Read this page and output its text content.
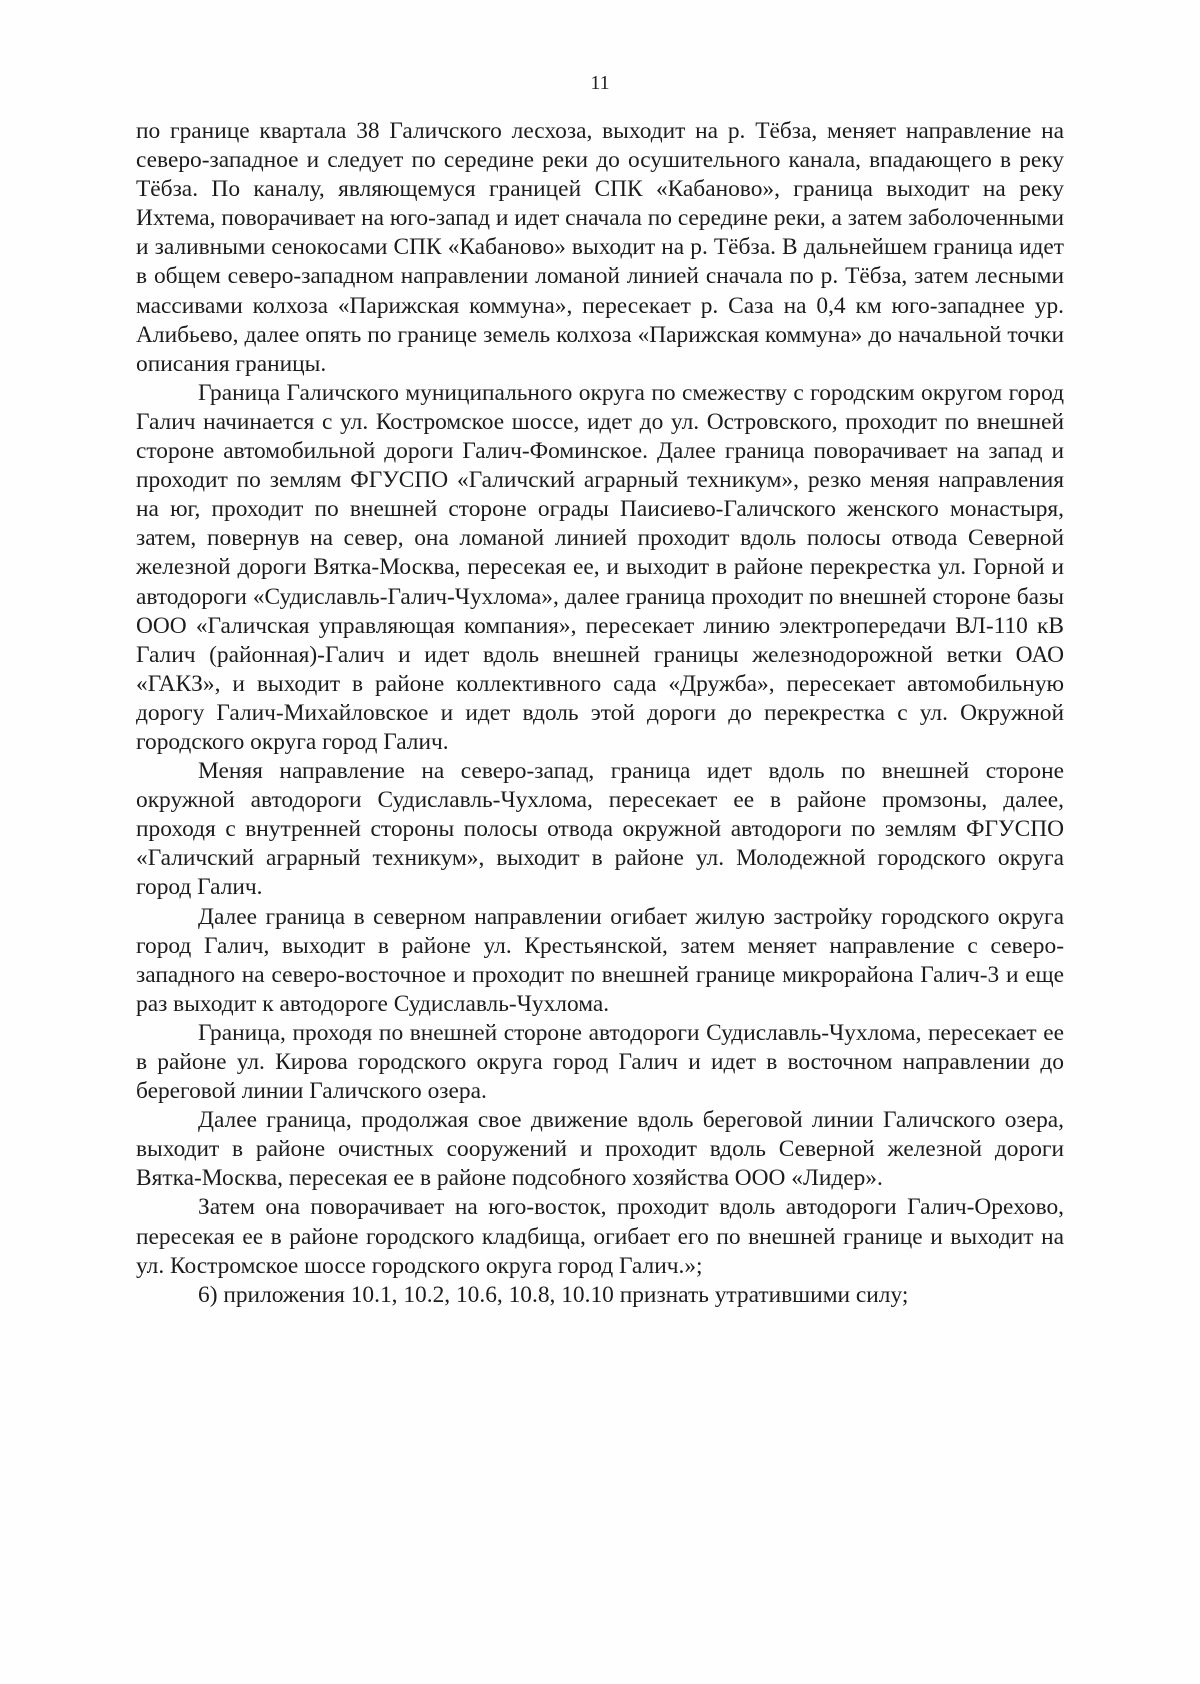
11

по границе квартала 38 Галичского лесхоза, выходит на р. Тёбза, меняет направление на северо-западное и следует по середине реки до осушительного канала, впадающего в реку Тёбза. По каналу, являющемуся границей СПК «Кабаново», граница выходит на реку Ихтема, поворачивает на юго-запад и идет сначала по середине реки, а затем заболоченными и заливными сенокосами СПК «Кабаново» выходит на р. Тёбза. В дальнейшем граница идет в общем северо-западном направлении ломаной линией сначала по р. Тёбза, затем лесными массивами колхоза «Парижская коммуна», пересекает р. Саза на 0,4 км юго-западнее ур. Алибьево, далее опять по границе земель колхоза «Парижская коммуна» до начальной точки описания границы.

Граница Галичского муниципального округа по смежеству с городским округом город Галич начинается с ул. Костромское шоссе, идет до ул. Островского, проходит по внешней стороне автомобильной дороги Галич-Фоминское. Далее граница поворачивает на запад и проходит по землям ФГУСПО «Галичский аграрный техникум», резко меняя направления на юг, проходит по внешней стороне ограды Паисиево-Галичского женского монастыря, затем, повернув на север, она ломаной линией проходит вдоль полосы отвода Северной железной дороги Вятка-Москва, пересекая ее, и выходит в районе перекрестка ул. Горной и автодороги «Судиславль-Галич-Чухлома», далее граница проходит по внешней стороне базы ООО «Галичская управляющая компания», пересекает линию электропередачи ВЛ-110 кВ Галич (районная)-Галич и идет вдоль внешней границы железнодорожной ветки ОАО «ГАКЗ», и выходит в районе коллективного сада «Дружба», пересекает автомобильную дорогу Галич-Михайловское и идет вдоль этой дороги до перекрестка с ул. Окружной городского округа город Галич.

Меняя направление на северо-запад, граница идет вдоль по внешней стороне окружной автодороги Судиславль-Чухлома, пересекает ее в районе промзоны, далее, проходя с внутренней стороны полосы отвода окружной автодороги по землям ФГУСПО «Галичский аграрный техникум», выходит в районе ул. Молодежной городского округа город Галич.

Далее граница в северном направлении огибает жилую застройку городского округа город Галич, выходит в районе ул. Крестьянской, затем меняет направление с северо-западного на северо-восточное и проходит по внешней границе микрорайона Галич-3 и еще раз выходит к автодороге Судиславль-Чухлома.

Граница, проходя по внешней стороне автодороги Судиславль-Чухлома, пересекает ее в районе ул. Кирова городского округа город Галич и идет в восточном направлении до береговой линии Галичского озера.

Далее граница, продолжая свое движение вдоль береговой линии Галичского озера, выходит в районе очистных сооружений и проходит вдоль Северной железной дороги Вятка-Москва, пересекая ее в районе подсобного хозяйства ООО «Лидер».

Затем она поворачивает на юго-восток, проходит вдоль автодороги Галич-Орехово, пересекая ее в районе городского кладбища, огибает его по внешней границе и выходит на ул. Костромское шоссе городского округа город Галич.»;

6) приложения 10.1, 10.2, 10.6, 10.8, 10.10 признать утратившими силу;
